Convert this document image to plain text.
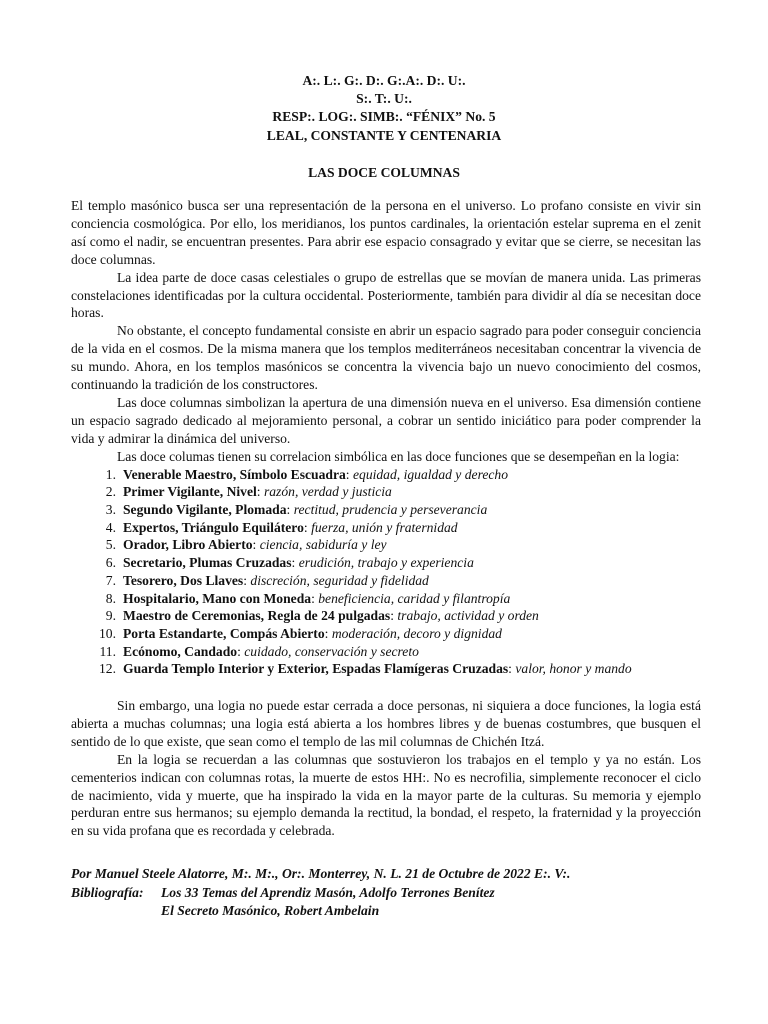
A:. L:. G:. D:. G:.A:. D:. U:.
S:. T:. U:.
RESP:. LOG:. SIMB:. “FÉNIX” No. 5
LEAL, CONSTANTE Y CENTENARIA
LAS DOCE COLUMNAS

El templo masónico busca ser una representación de la persona en el universo. Lo profano consiste en vivir sin conciencia cosmológica. Por ello, los meridianos, los puntos cardinales, la orientación estelar suprema en el zenit así como el nadir, se encuentran presentes. Para abrir ese espacio consagrado y evitar que se cierre, se necesitan las doce columnas.

La idea parte de doce casas celestiales o grupo de estrellas que se movían de manera unida. Las primeras constelaciones identificadas por la cultura occidental. Posteriormente, también para dividir al día se necesitan doce horas.

No obstante, el concepto fundamental consiste en abrir un espacio sagrado para poder conseguir conciencia de la vida en el cosmos. De la misma manera que los templos mediterráneos necesitaban concentrar la vivencia de su mundo. Ahora, en los templos masónicos se concentra la vivencia bajo un nuevo conocimiento del cosmos, continuando la tradición de los constructores.

Las doce columnas simbolizan la apertura de una dimensión nueva en el universo. Esa dimensión contiene un espacio sagrado dedicado al mejoramiento personal, a cobrar un sentido iniciático para poder comprender la vida y admirar la dinámica del universo.

Las doce columas tienen su correlacion simbólica en las doce funciones que se desempeñan en la logia:

1. Venerable Maestro, Símbolo Escuadra: equidad, igualdad y derecho
2. Primer Vigilante, Nivel: razón, verdad y justicia
3. Segundo Vigilante, Plomada: rectitud, prudencia y perseverancia
4. Expertos, Triángulo Equilátero: fuerza, unión y fraternidad
5. Orador, Libro Abierto: ciencia, sabiduría y ley
6. Secretario, Plumas Cruzadas: erudición, trabajo y experiencia
7. Tesorero, Dos Llaves: discreción, seguridad y fidelidad
8. Hospitalario, Mano con Moneda: beneficiencia, caridad y filantropía
9. Maestro de Ceremonias, Regla de 24 pulgadas: trabajo, actividad y orden
10. Porta Estandarte, Compás Abierto: moderación, decoro y dignidad
11. Ecónomo, Candado: cuidado, conservación y secreto
12. Guarda Templo Interior y Exterior, Espadas Flamígeras Cruzadas: valor, honor y mando

Sin embargo, una logia no puede estar cerrada a doce personas, ni siquiera a doce funciones, la logia está abierta a muchas columnas; una logia está abierta a los hombres libres y de buenas costumbres, que busquen el sentido de lo que existe, que sean como el templo de las mil columnas de Chichén Itzá.

En la logia se recuerdan a las columnas que sostuvieron los trabajos en el templo y ya no están. Los cementerios indican con columnas rotas, la muerte de estos HH:. No es necrofilia, simplemente reconocer el ciclo de nacimiento, vida y muerte, que ha inspirado la vida en la mayor parte de la culturas. Su memoria y ejemplo perduran entre sus hermanos; su ejemplo demanda la rectitud, la bondad, el respeto, la fraternidad y la proyección en su vida profana que es recordada y celebrada.

Por Manuel Steele Alatorre, M:. M:., Or:. Monterrey, N. L. 21 de Octubre de 2022 E:. V:.
Bibliografía: Los 33 Temas del Aprendiz Masón, Adolfo Terrones Benítez
El Secreto Masónico, Robert Ambelain
